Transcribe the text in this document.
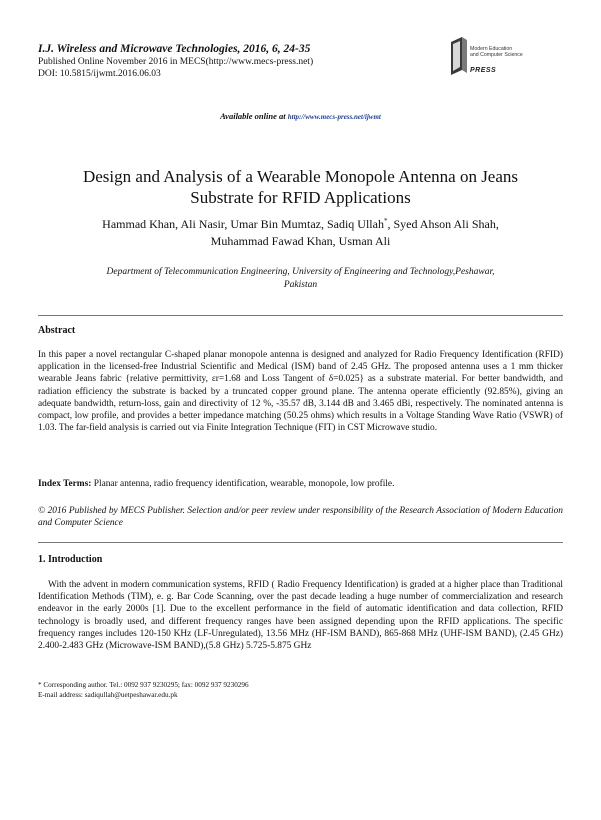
I.J. Wireless and Microwave Technologies, 2016, 6, 24-35
Published Online November 2016 in MECS(http://www.mecs-press.net)
DOI: 10.5815/ijwmt.2016.06.03
Modern Education
and Computer Science
PRESS
Available online at http://www.mecs-press.net/ijwmt
Design and Analysis of a Wearable Monopole Antenna on Jeans
Substrate for RFID Applications
Hammad Khan, Ali Nasir, Umar Bin Mumtaz, Sadiq Ullah*, Syed Ahson Ali Shah,
Muhammad Fawad Khan, Usman Ali
Department of Telecommunication Engineering, University of Engineering and Technology,Peshawar,
Pakistan
Abstract
In this paper a novel rectangular C-shaped planar monopole antenna is designed and analyzed for Radio Frequency Identification (RFID) application in the licensed-free Industrial Scientific and Medical (ISM) band of 2.45 GHz. The proposed antenna uses a 1 mm thicker wearable Jeans fabric {relative permittivity, εr=1.68 and Loss Tangent of δ=0.025} as a substrate material. For better bandwidth, and radiation efficiency the substrate is backed by a truncated copper ground plane. The antenna operate efficiently (92.85%), giving an adequate bandwidth, return-loss, gain and directivity of 12 %, -35.57 dB, 3.144 dB and 3.465 dBi, respectively. The nominated antenna is compact, low profile, and provides a better impedance matching (50.25 ohms) which results in a Voltage Standing Wave Ratio (VSWR) of 1.03. The far-field analysis is carried out via Finite Integration Technique (FIT) in CST Microwave studio.
Index Terms: Planar antenna, radio frequency identification, wearable, monopole, low profile.
© 2016 Published by MECS Publisher. Selection and/or peer review under responsibility of the Research Association of Modern Education and Computer Science
1. Introduction
With the advent in modern communication systems, RFID ( Radio Frequency Identification) is graded at a higher place than Traditional Identification Methods (TIM), e. g. Bar Code Scanning, over the past decade leading a huge number of commercialization and research endeavor in the early 2000s [1]. Due to the excellent performance in the field of automatic identification and data collection, RFID technology is broadly used, and different frequency ranges have been assigned depending upon the RFID applications. The specific frequency ranges includes 120-150 KHz (LF-Unregulated), 13.56 MHz (HF-ISM BAND), 865-868 MHz (UHF-ISM BAND), (2.45 GHz) 2.400-2.483 GHz (Microwave-ISM BAND),(5.8 GHz) 5.725-5.875 GHz
* Corresponding author. Tel.: 0092 937 9230295; fax: 0092 937 9230296
E-mail address: sadiqullah@uetpeshawar.edu.pk
